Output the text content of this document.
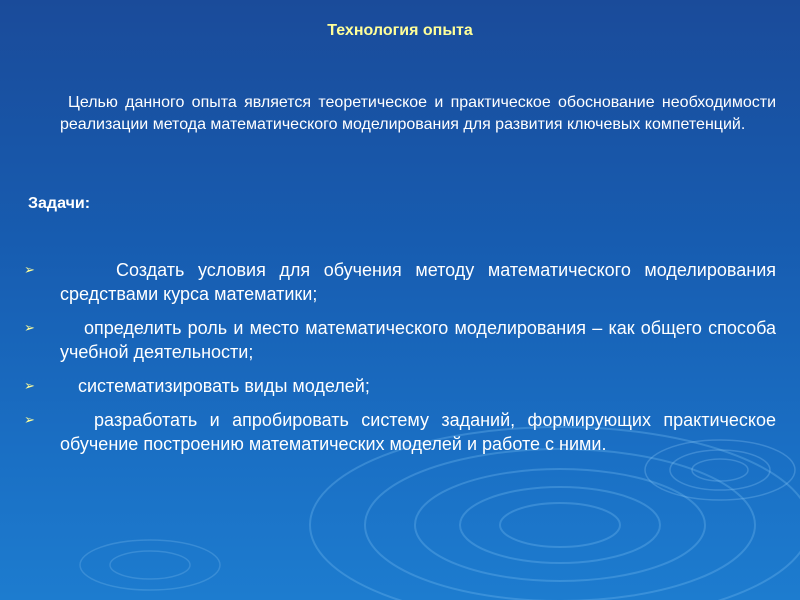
Технология опыта
Целью данного опыта является теоретическое и практическое обоснование необходимости реализации метода математического моделирования для развития ключевых компетенций.
Задачи:
➢	Создать условия для обучения методу математического моделирования средствами курса математики;
➢	определить роль и место математического моделирования – как общего способа учебной деятельности;
➢	систематизировать виды моделей;
➢	разработать и апробировать систему заданий, формирующих практическое обучение построению математических моделей и работе с ними.
